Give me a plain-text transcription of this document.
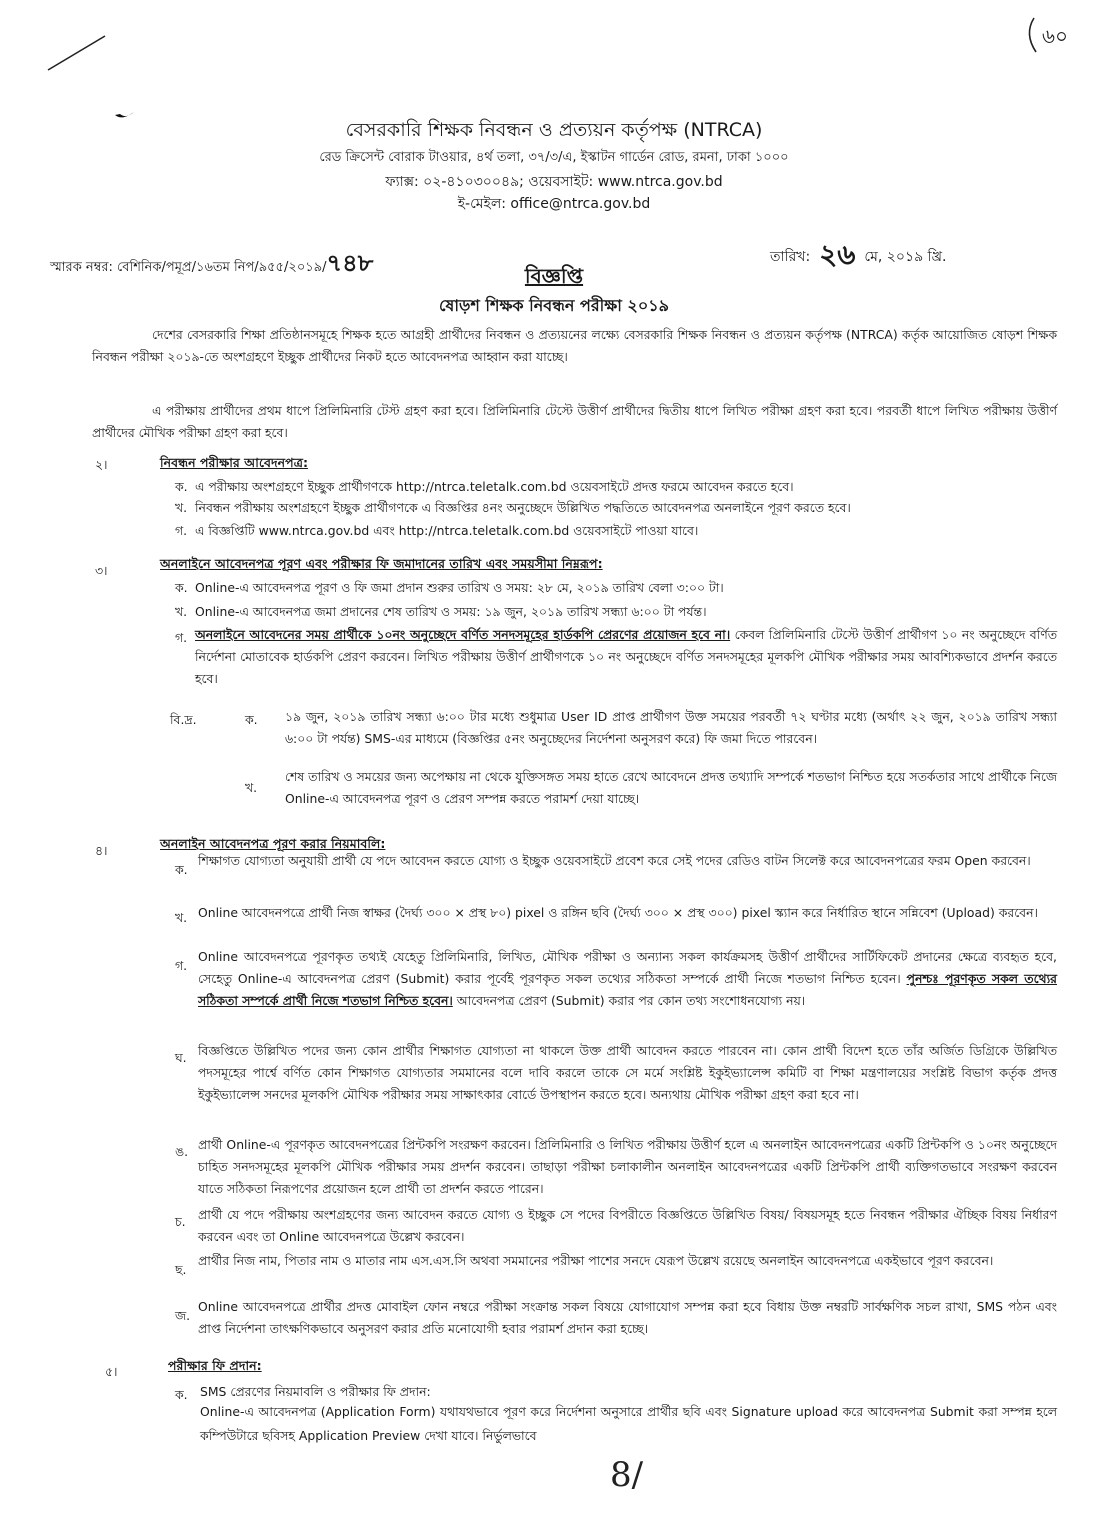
৬০
8/
বেসরকারি শিক্ষক নিবন্ধন ও প্রত্যয়ন কর্তৃপক্ষ (NTRCA)
রেড ক্রিসেন্ট বোরাক টাওয়ার, ৪র্থ তলা, ৩৭/৩/এ, ইস্কাটন গার্ডেন রোড, রমনা, ঢাকা ১০০০
ফ্যাক্স: ০২-৪১০৩০০৪৯; ওয়েবসাইট: www.ntrca.gov.bd
ই-মেইল: office@ntrca.gov.bd
স্মারক নম্বর: বেশিনিক/পমূপ্র/১৬তম নিপ/৯৫৫/২০১৯/৭৪৮	তারিখ: ২৬ মে, ২০১৯ খ্রি.
বিজ্ঞপ্তি
ষোড়শ শিক্ষক নিবন্ধন পরীক্ষা ২০১৯
দেশের বেসরকারি শিক্ষা প্রতিষ্ঠানসমূহে শিক্ষক হতে আগ্রহী প্রার্থীদের নিবন্ধন ও প্রত্যয়নের লক্ষ্যে বেসরকারি শিক্ষক নিবন্ধন ও প্রত্যয়ন কর্তৃপক্ষ (NTRCA) কর্তৃক আয়োজিত ষোড়শ শিক্ষক নিবন্ধন পরীক্ষা ২০১৯-তে অংশগ্রহণে ইচ্ছুক প্রার্থীদের নিকট হতে আবেদনপত্র আহ্বান করা যাচ্ছে।
এ পরীক্ষায় প্রার্থীদের প্রথম ধাপে প্রিলিমিনারি টেস্ট গ্রহণ করা হবে। প্রিলিমিনারি টেস্টে উত্তীর্ণ প্রার্থীদের দ্বিতীয় ধাপে লিখিত পরীক্ষা গ্রহণ করা হবে। পরবর্তী ধাপে লিখিত পরীক্ষায় উত্তীর্ণ প্রার্থীদের মৌখিক পরীক্ষা গ্রহণ করা হবে।
২।	নিবন্ধন পরীক্ষার আবেদনপত্র:
ক. এ পরীক্ষায় অংশগ্রহণে ইচ্ছুক প্রার্থীগণকে http://ntrca.teletalk.com.bd ওয়েবসাইটে প্রদত্ত ফরমে আবেদন করতে হবে।
খ. নিবন্ধন পরীক্ষায় অংশগ্রহণে ইচ্ছুক প্রার্থীগণকে এ বিজ্ঞপ্তির ৪নং অনুচ্ছেদে উল্লিখিত পদ্ধতিতে আবেদনপত্র অনলাইনে পূরণ করতে হবে।
গ. এ বিজ্ঞপ্তিটি www.ntrca.gov.bd এবং http://ntrca.teletalk.com.bd ওয়েবসাইটে পাওয়া যাবে।
৩।	অনলাইনে আবেদনপত্র পূরণ এবং পরীক্ষার ফি জমাদানের তারিখ এবং সময়সীমা নিম্নরূপ:
ক. Online-এ আবেদনপত্র পূরণ ও ফি জমা প্রদান শুরুর তারিখ ও সময়: ২৮ মে, ২০১৯ তারিখ বেলা ৩:০০ টা।
খ. Online-এ আবেদনপত্র জমা প্রদানের শেষ তারিখ ও সময়: ১৯ জুন, ২০১৯ তারিখ সন্ধ্যা ৬:০০ টা পর্যন্ত।
গ. অনলাইনে আবেদনের সময় প্রার্থীকে ১০নং অনুচ্ছেদে বর্ণিত সনদসমূহের হার্ডকপি প্রেরণের প্রয়োজন হবে না। কেবল প্রিলিমিনারি টেস্টে উত্তীর্ণ প্রার্থীগণ ১০ নং অনুচ্ছেদে বর্ণিত নির্দেশনা মোতাবেক হার্ডকপি প্রেরণ করবেন। লিখিত পরীক্ষায় উত্তীর্ণ প্রার্থীগণকে ১০ নং অনুচ্ছেদে বর্ণিত সনদসমূহের মূলকপি মৌখিক পরীক্ষার সময় আবশ্যিকভাবে প্রদর্শন করতে হবে।
বি.দ্র.	ক. ১৯ জুন, ২০১৯ তারিখ সন্ধ্যা ৬:০০ টার মধ্যে শুধুমাত্র User ID প্রাপ্ত প্রার্থীগণ উক্ত সময়ের পরবর্তী ৭২ ঘণ্টার মধ্যে (অর্থাৎ ২২ জুন, ২০১৯ তারিখ সন্ধ্যা ৬:০০ টা পর্যন্ত) SMS-এর মাধ্যমে (বিজ্ঞপ্তির ৫নং অনুচ্ছেদের নির্দেশনা অনুসরণ করে) ফি জমা দিতে পারবেন।
খ.
শেষ তারিখ ও সময়ের জন্য অপেক্ষায় না থেকে যুক্তিসঙ্গত সময় হাতে রেখে আবেদনে প্রদত্ত তথ্যাদি সম্পর্কে শতভাগ নিশ্চিত হয়ে সতর্কতার সাথে প্রার্থীকে নিজে Online-এ আবেদনপত্র পূরণ ও প্রেরণ সম্পন্ন করতে পরামর্শ দেয়া যাচ্ছে।
৪।	অনলাইন আবেদনপত্র পূরণ করার নিয়মাবলি:
ক.
শিক্ষাগত যোগ্যতা অনুযায়ী প্রার্থী যে পদে আবেদন করতে যোগ্য ও ইচ্ছুক ওয়েবসাইটে প্রবেশ করে সেই পদের রেডিও বাটন সিলেক্ট করে আবেদনপত্রের ফরম Open করবেন।
খ. Online আবেদনপত্রে প্রার্থী নিজ স্বাক্ষর (দৈর্ঘ্য ৩০০ × প্রস্থ ৮০) pixel ও রঙ্গিন ছবি (দৈর্ঘ্য ৩০০ × প্রস্থ ৩০০) pixel স্ক্যান করে নির্ধারিত স্থানে সন্নিবেশ (Upload) করবেন।
গ.
Online আবেদনপত্রে পূরণকৃত তথ্যই যেহেতু প্রিলিমিনারি, লিখিত, মৌখিক পরীক্ষা ও অন্যান্য সকল কার্যক্রমসহ উত্তীর্ণ প্রার্থীদের সার্টিফিকেট প্রদানের ক্ষেত্রে ব্যবহৃত হবে, সেহেতু Online-এ আবেদনপত্র প্রেরণ (Submit) করার পূর্বেই পূরণকৃত সকল তথ্যের সঠিকতা সম্পর্কে প্রার্থী নিজে শতভাগ নিশ্চিত হবেন। পুনশ্চঃ পূরণকৃত সকল তথ্যের সঠিকতা সম্পর্কে প্রার্থী নিজে শতভাগ নিশ্চিত হবেন। আবেদনপত্র প্রেরণ (Submit) করার পর কোন তথ্য সংশোধনযোগ্য নয়।
ঘ. বিজ্ঞপ্তিতে উল্লিখিত পদের জন্য কোন প্রার্থীর শিক্ষাগত যোগ্যতা না থাকলে উক্ত প্রার্থী আবেদন করতে পারবেন না। কোন প্রার্থী বিদেশ হতে তাঁর অর্জিত ডিগ্রিকে উল্লিখিত পদসমূহের পার্শ্বে বর্ণিত কোন শিক্ষাগত যোগ্যতার সমমানের বলে দাবি করলে তাকে সে মর্মে সংশ্লিষ্ট ইকুইভ্যালেন্স কমিটি বা শিক্ষা মন্ত্রণালয়ের সংশ্লিষ্ট বিভাগ কর্তৃক প্রদত্ত ইকুইভ্যালেন্স সনদের মূলকপি মৌখিক পরীক্ষার সময় সাক্ষাৎকার বোর্ডে উপস্থাপন করতে হবে। অন্যথায় মৌখিক পরীক্ষা গ্রহণ করা হবে না।
ঙ. প্রার্থী Online-এ পূরণকৃত আবেদনপত্রের প্রিন্টকপি সংরক্ষণ করবেন। প্রিলিমিনারি ও লিখিত পরীক্ষায় উত্তীর্ণ হলে এ অনলাইন আবেদনপত্রের একটি প্রিন্টকপি ও ১০নং অনুচ্ছেদে চাহিত সনদসমূহের মূলকপি মৌখিক পরীক্ষার সময় প্রদর্শন করবেন। তাছাড়া পরীক্ষা চলাকালীন অনলাইন আবেদনপত্রের একটি প্রিন্টকপি প্রার্থী ব্যক্তিগতভাবে সংরক্ষণ করবেন যাতে সঠিকতা নিরূপণের প্রয়োজন হলে প্রার্থী তা প্রদর্শন করতে পারেন।
চ. প্রার্থী যে পদে পরীক্ষায় অংশগ্রহণের জন্য আবেদন করতে যোগ্য ও ইচ্ছুক সে পদের বিপরীতে বিজ্ঞপ্তিতে উল্লিখিত বিষয়/ বিষয়সমূহ হতে নিবন্ধন পরীক্ষার ঐচ্ছিক বিষয় নির্ধারণ করবেন এবং তা Online আবেদনপত্রে উল্লেখ করবেন।
ছ.
প্রার্থীর নিজ নাম, পিতার নাম ও মাতার নাম এস.এস.সি অথবা সমমানের পরীক্ষা পাশের সনদে যেরূপ উল্লেখ রয়েছে অনলাইন আবেদনপত্রে একইভাবে পূরণ করবেন।
জ.
Online আবেদনপত্রে প্রার্থীর প্রদত্ত মোবাইল ফোন নম্বরে পরীক্ষা সংক্রান্ত সকল বিষয়ে যোগাযোগ সম্পন্ন করা হবে বিধায় উক্ত নম্বরটি সার্বক্ষণিক সচল রাখা, SMS পঠন এবং প্রাপ্ত নির্দেশনা তাৎক্ষণিকভাবে অনুসরণ করার প্রতি মনোযোগী হবার পরামর্শ প্রদান করা হচ্ছে।
৫।	পরীক্ষার ফি প্রদান:
ক. SMS প্রেরণের নিয়মাবলি ও পরীক্ষার ফি প্রদান:
Online-এ আবেদনপত্র (Application Form) যথাযথভাবে পূরণ করে নির্দেশনা অনুসারে প্রার্থীর ছবি এবং Signature upload করে আবেদনপত্র Submit করা সম্পন্ন হলে কম্পিউটারে ছবিসহ Application Preview দেখা যাবে। নির্ভুলভাবে
